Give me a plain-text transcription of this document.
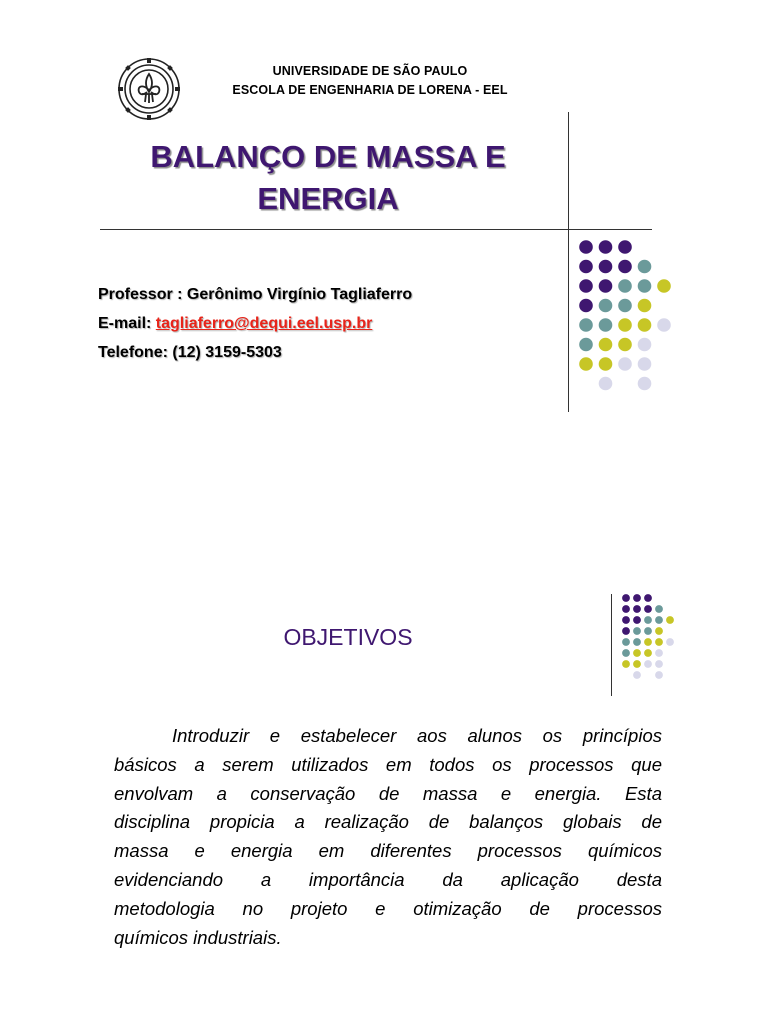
UNIVERSIDADE DE SÃO PAULO
ESCOLA DE ENGENHARIA DE LORENA - EEL
BALANÇO DE MASSA E
ENERGIA
Professor : Gerônimo Virgínio Tagliaferro
E-mail: tagliaferro@dequi.eel.usp.br
Telefone: (12) 3159-5303
OBJETIVOS
Introduzir e estabelecer aos alunos os princípios
básicos a serem utilizados em todos os processos que
envolvam a conservação de massa e energia. Esta
disciplina propicia a realização de balanços globais de
massa e energia em diferentes processos químicos
evidenciando a importância da aplicação desta
metodologia no projeto e otimização de processos
químicos industriais.
